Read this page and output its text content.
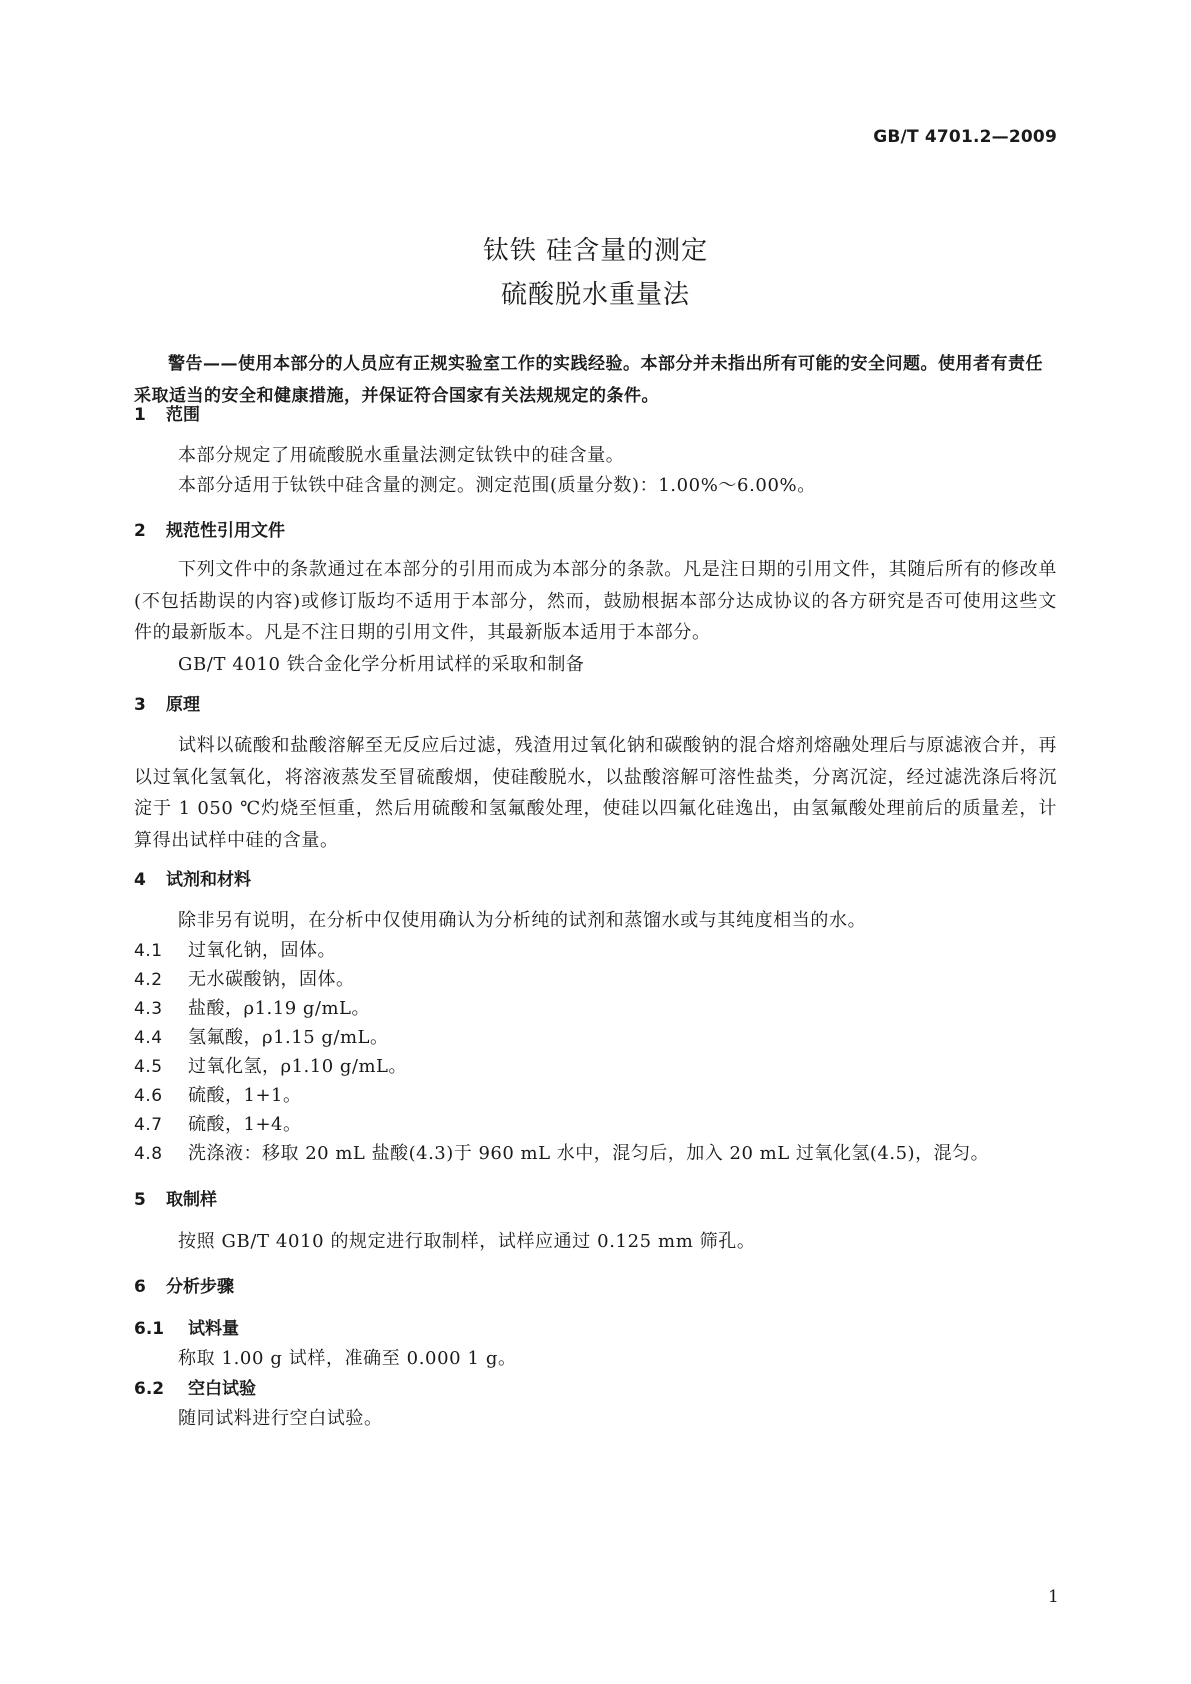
GB/T 4701.2—2009
钛铁 硅含量的测定
硫酸脱水重量法
警告——使用本部分的人员应有正规实验室工作的实践经验。本部分并未指出所有可能的安全问题。使用者有责任采取适当的安全和健康措施，并保证符合国家有关法规规定的条件。
1 范围
本部分规定了用硫酸脱水重量法测定钛铁中的硅含量。
本部分适用于钛铁中硅含量的测定。测定范围(质量分数)：1.00%～6.00%。
2 规范性引用文件
下列文件中的条款通过在本部分的引用而成为本部分的条款。凡是注日期的引用文件，其随后所有的修改单(不包括勘误的内容)或修订版均不适用于本部分，然而，鼓励根据本部分达成协议的各方研究是否可使用这些文件的最新版本。凡是不注日期的引用文件，其最新版本适用于本部分。
GB/T 4010 铁合金化学分析用试样的采取和制备
3 原理
试料以硫酸和盐酸溶解至无反应后过滤，残渣用过氧化钠和碳酸钠的混合熔剂熔融处理后与原滤液合并，再以过氧化氢氧化，将溶液蒸发至冒硫酸烟，使硅酸脱水，以盐酸溶解可溶性盐类，分离沉淀，经过滤洗涤后将沉淀于 1 050 ℃灼烧至恒重，然后用硫酸和氢氟酸处理，使硅以四氟化硅逸出，由氢氟酸处理前后的质量差，计算得出试样中硅的含量。
4 试剂和材料
除非另有说明，在分析中仅使用确认为分析纯的试剂和蒸馏水或与其纯度相当的水。
4.1 过氧化钠，固体。
4.2 无水碳酸钠，固体。
4.3 盐酸，ρ1.19 g/mL。
4.4 氢氟酸，ρ1.15 g/mL。
4.5 过氧化氢，ρ1.10 g/mL。
4.6 硫酸，1+1。
4.7 硫酸，1+4。
4.8 洗涤液：移取 20 mL 盐酸(4.3)于 960 mL 水中，混匀后，加入 20 mL 过氧化氢(4.5)，混匀。
5 取制样
按照 GB/T 4010 的规定进行取制样，试样应通过 0.125 mm 筛孔。
6 分析步骤
6.1 试料量
称取 1.00 g 试样，准确至 0.000 1 g。
6.2 空白试验
随同试料进行空白试验。
1
